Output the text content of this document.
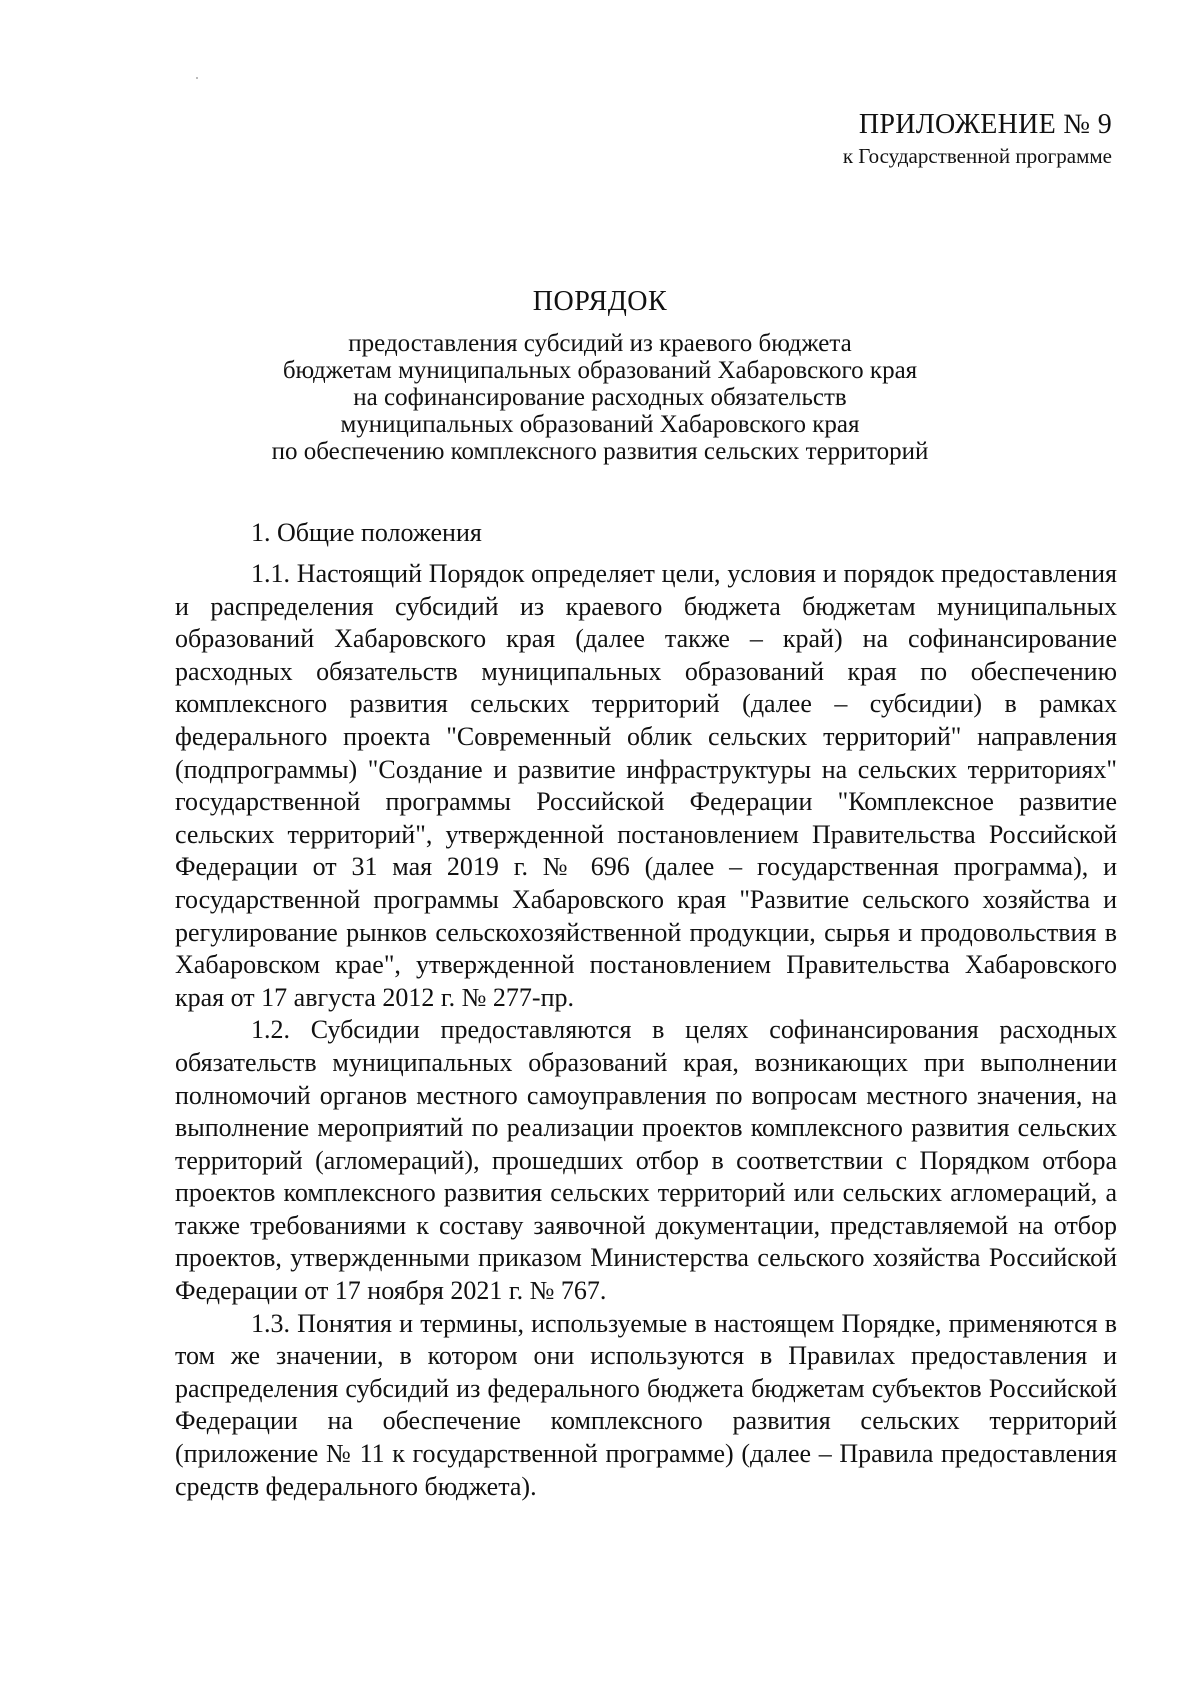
ПРИЛОЖЕНИЕ № 9
к Государственной программе
ПОРЯДОК
предоставления субсидий из краевого бюджета
бюджетам муниципальных образований Хабаровского края
на софинансирование расходных обязательств
муниципальных образований Хабаровского края
по обеспечению комплексного развития сельских территорий
1. Общие положения

1.1. Настоящий Порядок определяет цели, условия и порядок предоставления и распределения субсидий из краевого бюджета бюджетам муниципальных образований Хабаровского края (далее также – край) на софинансирование расходных обязательств муниципальных образований края по обеспечению комплексного развития сельских территорий (далее – субсидии) в рамках федерального проекта "Современный облик сельских территорий" направления (подпрограммы) "Создание и развитие инфраструктуры на сельских территориях" государственной программы Российской Федерации "Комплексное развитие сельских территорий", утвержденной постановлением Правительства Российской Федерации от 31 мая 2019 г. № 696 (далее – государственная программа), и государственной программы Хабаровского края "Развитие сельского хозяйства и регулирование рынков сельскохозяйственной продукции, сырья и продовольствия в Хабаровском крае", утвержденной постановлением Правительства Хабаровского края от 17 августа 2012 г. № 277-пр.

1.2. Субсидии предоставляются в целях софинансирования расходных обязательств муниципальных образований края, возникающих при выполнении полномочий органов местного самоуправления по вопросам местного значения, на выполнение мероприятий по реализации проектов комплексного развития сельских территорий (агломераций), прошедших отбор в соответствии с Порядком отбора проектов комплексного развития сельских территорий или сельских агломераций, а также требованиями к составу заявочной документации, представляемой на отбор проектов, утвержденными приказом Министерства сельского хозяйства Российской Федерации от 17 ноября 2021 г. № 767.

1.3. Понятия и термины, используемые в настоящем Порядке, применяются в том же значении, в котором они используются в Правилах предоставления и распределения субсидий из федерального бюджета бюджетам субъектов Российской Федерации на обеспечение комплексного развития сельских территорий (приложение № 11 к государственной программе) (далее – Правила предоставления средств федерального бюджета).
